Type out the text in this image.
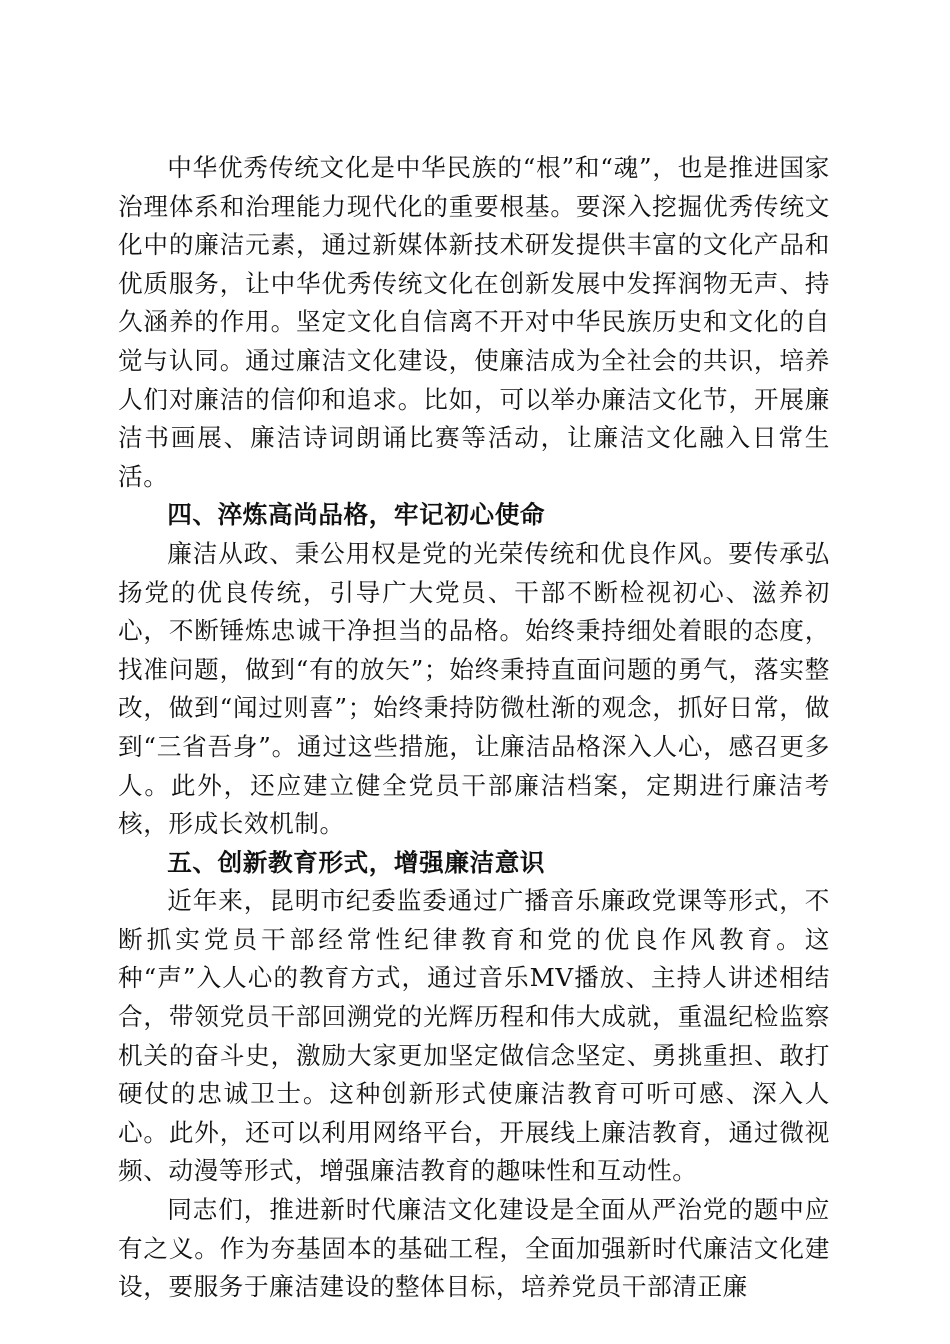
中华优秀传统文化是中华民族的“根”和“魂”，也是推进国家治理体系和治理能力现代化的重要根基。要深入挖掘优秀传统文化中的廉洁元素，通过新媒体新技术研发提供丰富的文化产品和优质服务，让中华优秀传统文化在创新发展中发挥润物无声、持久涵养的作用。坚定文化自信离不开对中华民族历史和文化的自觉与认同。通过廉洁文化建设，使廉洁成为全社会的共识，培养人们对廉洁的信仰和追求。比如，可以举办廉洁文化节，开展廉洁书画展、廉洁诗词朗诵比赛等活动，让廉洁文化融入日常生活。

四、淬炼高尚品格，牢记初心使命

廉洁从政、秉公用权是党的光荣传统和优良作风。要传承弘扬党的优良传统，引导广大党员、干部不断检视初心、滋养初心，不断锤炼忠诚干净担当的品格。始终秉持细处着眼的态度，找准问题，做到“有的放矢”；始终秉持直面问题的勇气，落实整改，做到“闻过则喜”；始终秉持防微杜渐的观念，抓好日常，做到“三省吾身”。通过这些措施，让廉洁品格深入人心，感召更多人。此外，还应建立健全党员干部廉洁档案，定期进行廉洁考核，形成长效机制。

五、创新教育形式，增强廉洁意识

近年来，昆明市纪委监委通过广播音乐廉政党课等形式，不断抓实党员干部经常性纪律教育和党的优良作风教育。这种“声”入人心的教育方式，通过音乐MV播放、主持人讲述相结合，带领党员干部回溯党的光辉历程和伟大成就，重温纪检监察机关的奋斗史，激励大家更加坚定做信念坚定、勇挑重担、敢打硬仗的忠诚卫士。这种创新形式使廉洁教育可听可感、深入人心。此外，还可以利用网络平台，开展线上廉洁教育，通过微视频、动漫等形式，增强廉洁教育的趣味性和互动性。

同志们，推进新时代廉洁文化建设是全面从严治党的题中应有之义。作为夯基固本的基础工程，全面加强新时代廉洁文化建设，要服务于廉洁建设的整体目标，培养党员干部清正廉
